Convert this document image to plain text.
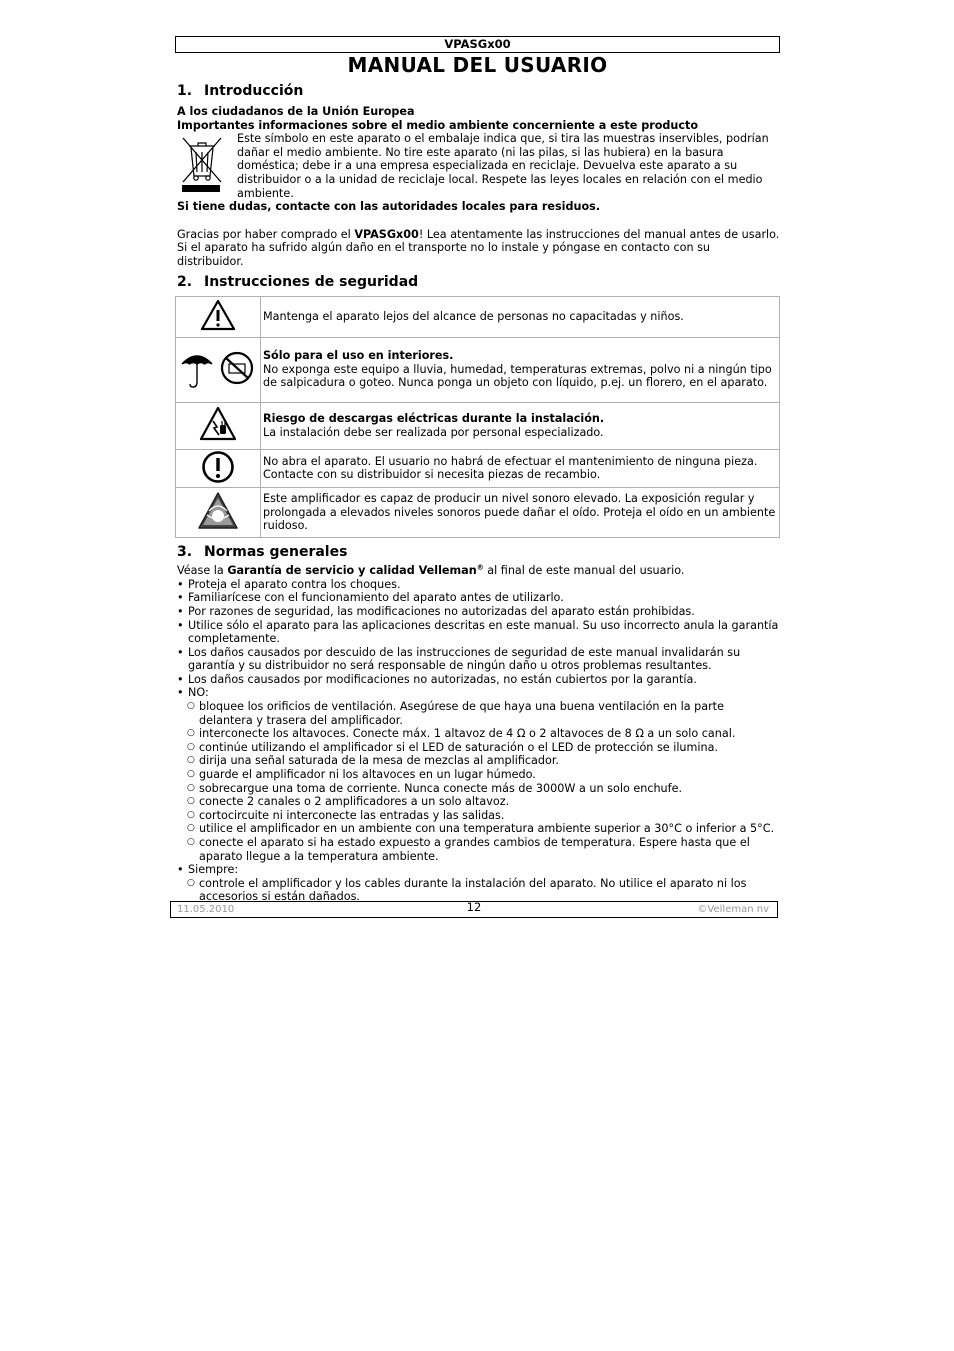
VPASGx00
MANUAL DEL USUARIO
1. Introducción

A los ciudadanos de la Unión Europea

Importantes informaciones sobre el medio ambiente concerniente a este producto

Este símbolo en este aparato o el embalaje indica que, si tira las muestras inservibles, podrían dañar el medio ambiente. No tire este aparato (ni las pilas, si las hubiera) en la basura doméstica; debe ir a una empresa especializada en reciclaje. Devuelva este aparato a su distribuidor o a la unidad de reciclaje local. Respete las leyes locales en relación con el medio ambiente.

Si tiene dudas, contacte con las autoridades locales para residuos.

Gracias por haber comprado el VPASGx00! Lea atentamente las instrucciones del manual antes de usarlo. Si el aparato ha sufrido algún daño en el transporte no lo instale y póngase en contacto con su distribuidor.

2. Instrucciones de seguridad
	Mantenga el aparato lejos del alcance de personas no capacitadas y niños.

Sólo para el uso en interiores.
No exponga este equipo a lluvia, humedad, temperaturas extremas, polvo ni a ningún tipo de salpicadura o goteo. Nunca ponga un objeto con líquido, p.ej. un florero, en el aparato.

Riesgo de descargas eléctricas durante la instalación.
La instalación debe ser realizada por personal especializado.

	No abra el aparato. El usuario no habrá de efectuar el mantenimiento de ninguna pieza. Contacte con su distribuidor si necesita piezas de recambio.
	Este amplificador es capaz de producir un nivel sonoro elevado. La exposición regular y prolongada a elevados niveles sonoros puede dañar el oído. Proteja el oído en un ambiente ruidoso.
3. Normas generales

Véase la Garantía de servicio y calidad Velleman® al final de este manual del usuario.

• Proteja el aparato contra los choques.
• Familiarícese con el funcionamiento del aparato antes de utilizarlo.
• Por razones de seguridad, las modificaciones no autorizadas del aparato están prohibidas.
• Utilice sólo el aparato para las aplicaciones descritas en este manual. Su uso incorrecto anula la garantía completamente.
• Los daños causados por descuido de las instrucciones de seguridad de este manual invalidarán su garantía y su distribuidor no será responsable de ningún daño u otros problemas resultantes.
• Los daños causados por modificaciones no autorizadas, no están cubiertos por la garantía.
• NO:
○ bloquee los orificios de ventilación. Asegúrese de que haya una buena ventilación en la parte delantera y trasera del amplificador.
○ interconecte los altavoces. Conecte máx. 1 altavoz de 4 Ω o 2 altavoces de 8 Ω a un solo canal.
○ continúe utilizando el amplificador si el LED de saturación o el LED de protección se ilumina.
○ dirija una señal saturada de la mesa de mezclas al amplificador.
○ guarde el amplificador ni los altavoces en un lugar húmedo.
○ sobrecargue una toma de corriente. Nunca conecte más de 3000W a un solo enchufe.
○ conecte 2 canales o 2 amplificadores a un solo altavoz.
○ cortocircuite ni interconecte las entradas y las salidas.
○ utilice el amplificador en un ambiente con una temperatura ambiente superior a 30°C o inferior a 5°C.
○ conecte el aparato si ha estado expuesto a grandes cambios de temperatura. Espere hasta que el aparato llegue a la temperatura ambiente.
• Siempre:
○ controle el amplificador y los cables durante la instalación del aparato. No utilice el aparato ni los accesorios si están dañados.
11.05.2010	12	©Velleman nv
